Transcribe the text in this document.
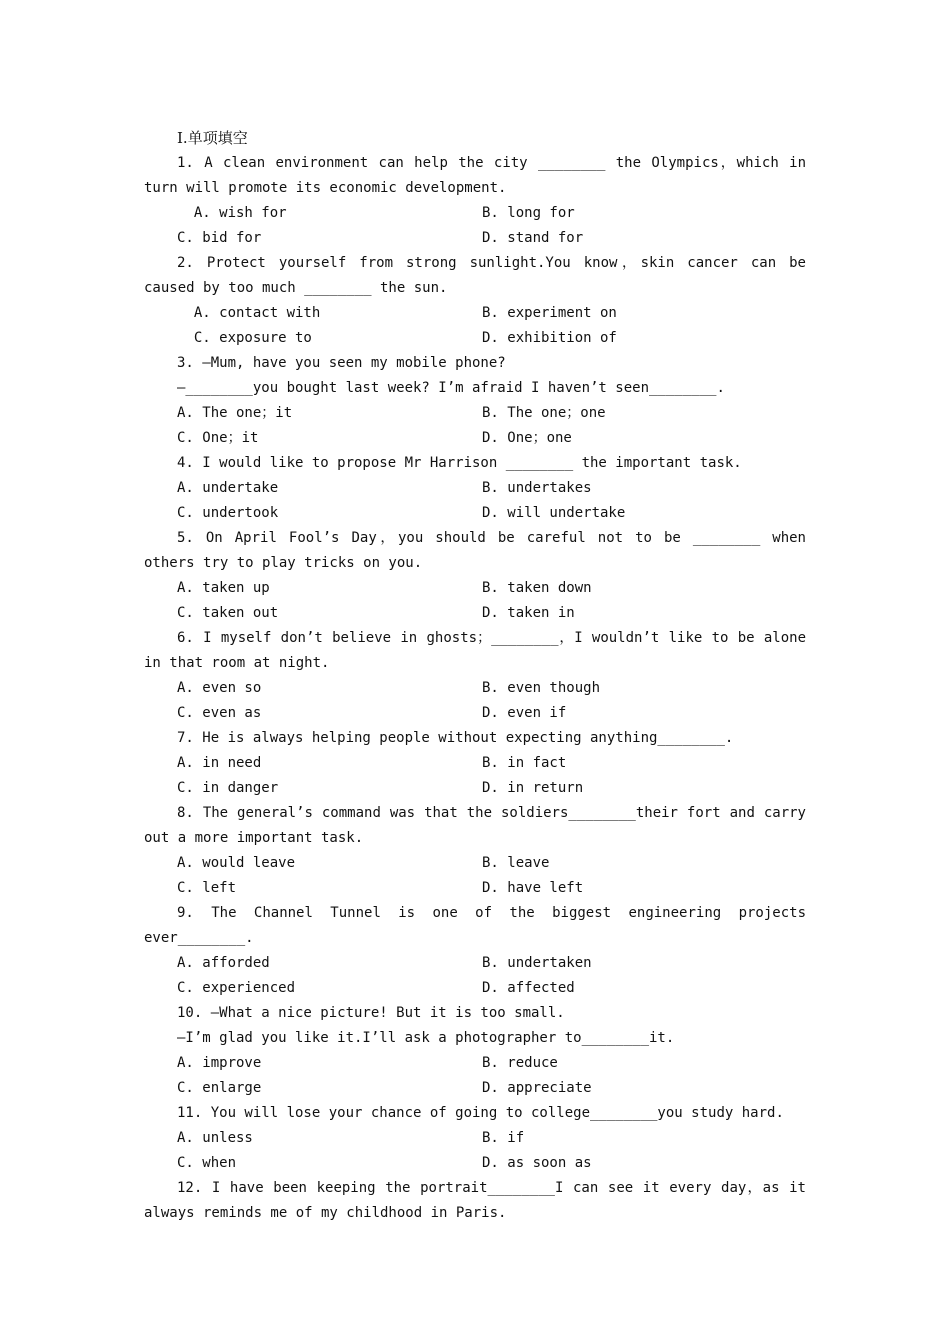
Ⅰ.单项填空
1. A clean environment can help the city ________ the Olympics，which in turn will promote its economic development.
A. wish for	B. long for
C. bid for	D. stand for
2. Protect yourself from strong sunlight.You know，skin cancer can be caused by too much ________ the sun.
A. contact with	B. experiment on
C. exposure to	D. exhibition of
3. —Mum, have you seen my mobile phone?
—________you bought last week? I’m afraid I haven’t seen________.
A. The one；it	B. The one；one
C. One；it	D. One；one
4. I would like to propose Mr Harrison ________ the important task.
A. undertake	B. undertakes
C. undertook	D. will undertake
5. On April Fool’s Day，you should be careful not to be ________ when others try to play tricks on you.
A. taken up	B. taken down
C. taken out	D. taken in
6. I myself don’t believe in ghosts；________，I wouldn’t like to be alone in that room at night.
A. even so	B. even though
C. even as	D. even if
7. He is always helping people without expecting anything________.
A. in need	B. in fact
C. in danger	D. in return
8. The general’s command was that the soldiers________their fort and carry out a more important task.
A. would leave	B. leave
C. left	D. have left
9. The Channel Tunnel is one of the biggest engineering projects ever________.
A. afforded	B. undertaken
C. experienced	D. affected
10. —What a nice picture! But it is too small.
—I’m glad you like it.I’ll ask a photographer to________it.
A. improve	B. reduce
C. enlarge	D. appreciate
11. You will lose your chance of going to college________you study hard.
A. unless	B. if
C. when	D. as soon as
12. I have been keeping the portrait________I can see it every day，as it always reminds me of my childhood in Paris.
